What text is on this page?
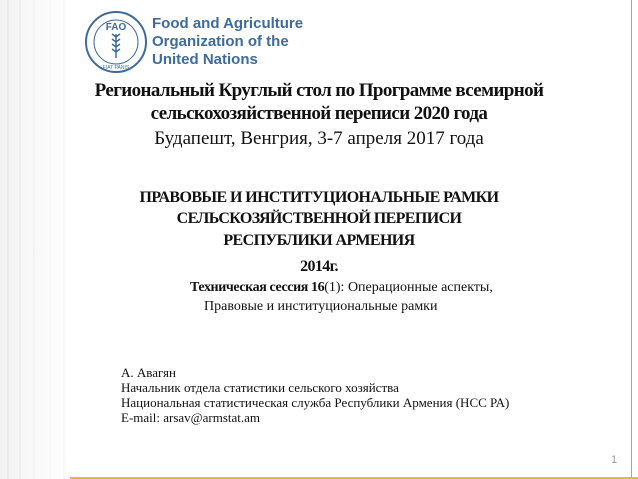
FAO
FIAT PANIS
Food and Agriculture
Organization of the
United Nations
Региональный Круглый стол по Программе всемирной
сельскохозяйственной переписи 2020 года
Будапешт, Венгрия, 3-7 апреля 2017 года
ПРАВОВЫЕ И ИНСТИТУЦИОНАЛЬНЫЕ РАМКИ
СЕЛЬСКОЗЯЙСТВЕННОЙ ПЕРЕПИСИ
РЕСПУБЛИКИ АРМЕНИЯ
2014г.
Техническая сессия 16(1): Операционные аспекты,
Правовые и институциональные рамки
А. Авагян
Начальник отдела статистики сельского хозяйства
Национальная статистическая служба Республики Армения (НСС РА)
E-mail: arsav@armstat.am
1
